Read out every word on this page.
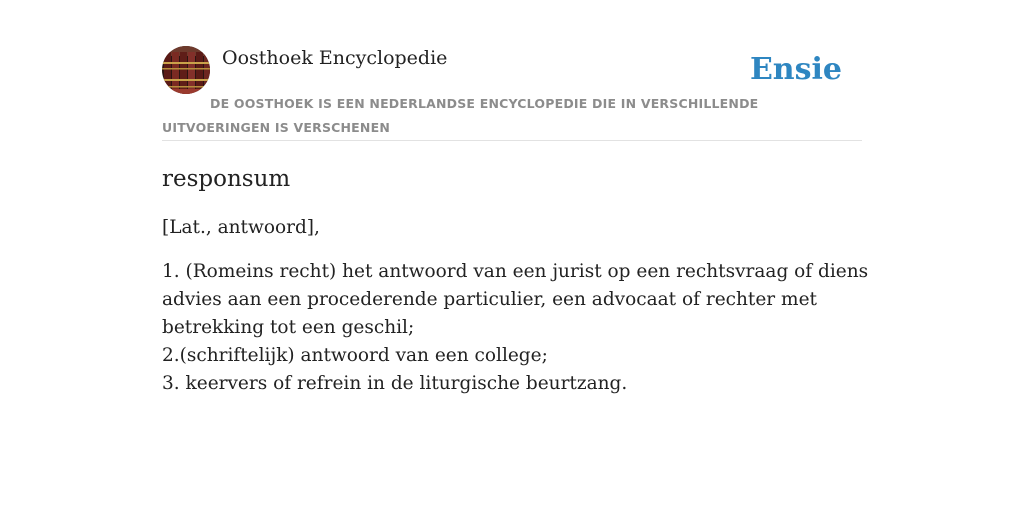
Oosthoek Encyclopedie	Ensie
DE OOSTHOEK IS EEN NEDERLANDSE ENCYCLOPEDIE DIE IN VERSCHILLENDE UITVOERINGEN IS VERSCHENEN
responsum

[Lat., antwoord],

1. (Romeins recht) het antwoord van een jurist op een rechtsvraag of diens advies aan een procederende particulier, een advocaat of rechter met betrekking tot een geschil;
2.(schriftelijk) antwoord van een college;
3. keervers of refrein in de liturgische beurtzang.
